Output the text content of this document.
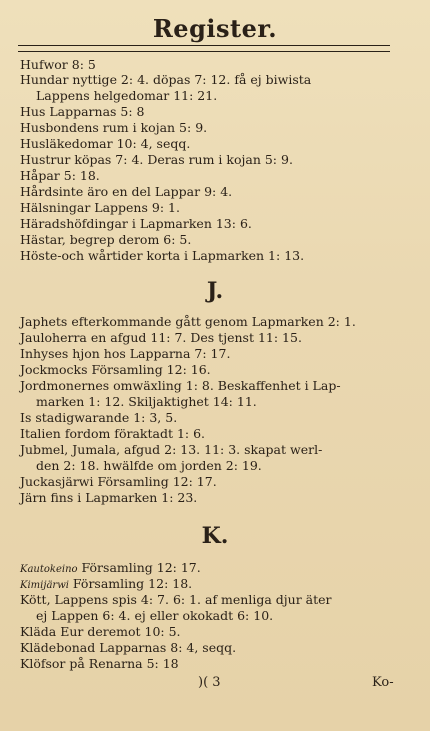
Register.
Hufwor 8: 5
Hundar nyttige 2: 4. döpas 7: 12. få ej biwista
Lappens helgedomar 11: 21.
Hus Lapparnas 5: 8
Husbondens rum i kojan 5: 9.
Husläkedomar 10: 4, seqq.
Hustrur köpas 7: 4. Deras rum i kojan 5: 9.
Håpar 5: 18.
Hårdsinte äro en del Lappar 9: 4.
Hälsningar Lappens 9: 1.
Häradshöfdingar i Lapmarken 13: 6.
Hästar, begrep derom 6: 5.
Höste-och wårtider korta i Lapmarken 1: 13.
J.
Japhets efterkommande gått genom Lapmarken 2: 1.
Jauloherra en afgud 11: 7. Des tjenst 11: 15.
Inhyses hjon hos Lapparna 7: 17.
Jockmocks Församling 12: 16.
Jordmonernes omwäxling 1: 8. Beskaffenhet i Lap-
marken 1: 12. Skiljaktighet 14: 11.
Is stadigwarande 1: 3, 5.
Italien fordom föraktadt 1: 6.
Jubmel, Jumala, afgud 2: 13. 11: 3. skapat werl-
den 2: 18. hwälfde om jorden 2: 19.
Juckasjärwi Församling 12: 17.
Järn fins i Lapmarken 1: 23.
K.
Kautokeino Församling 12: 17.
Kimijärwi Församling 12: 18.
Kött, Lappens spis 4: 7. 6: 1. af menliga djur äter
ej Lappen 6: 4. ej eller okokadt 6: 10.
Kläda Eur deremot 10: 5.
Klädebonad Lapparnas 8: 4, seqq.
Klöfsor på Renarna 5: 18
)( 3	Ko-
